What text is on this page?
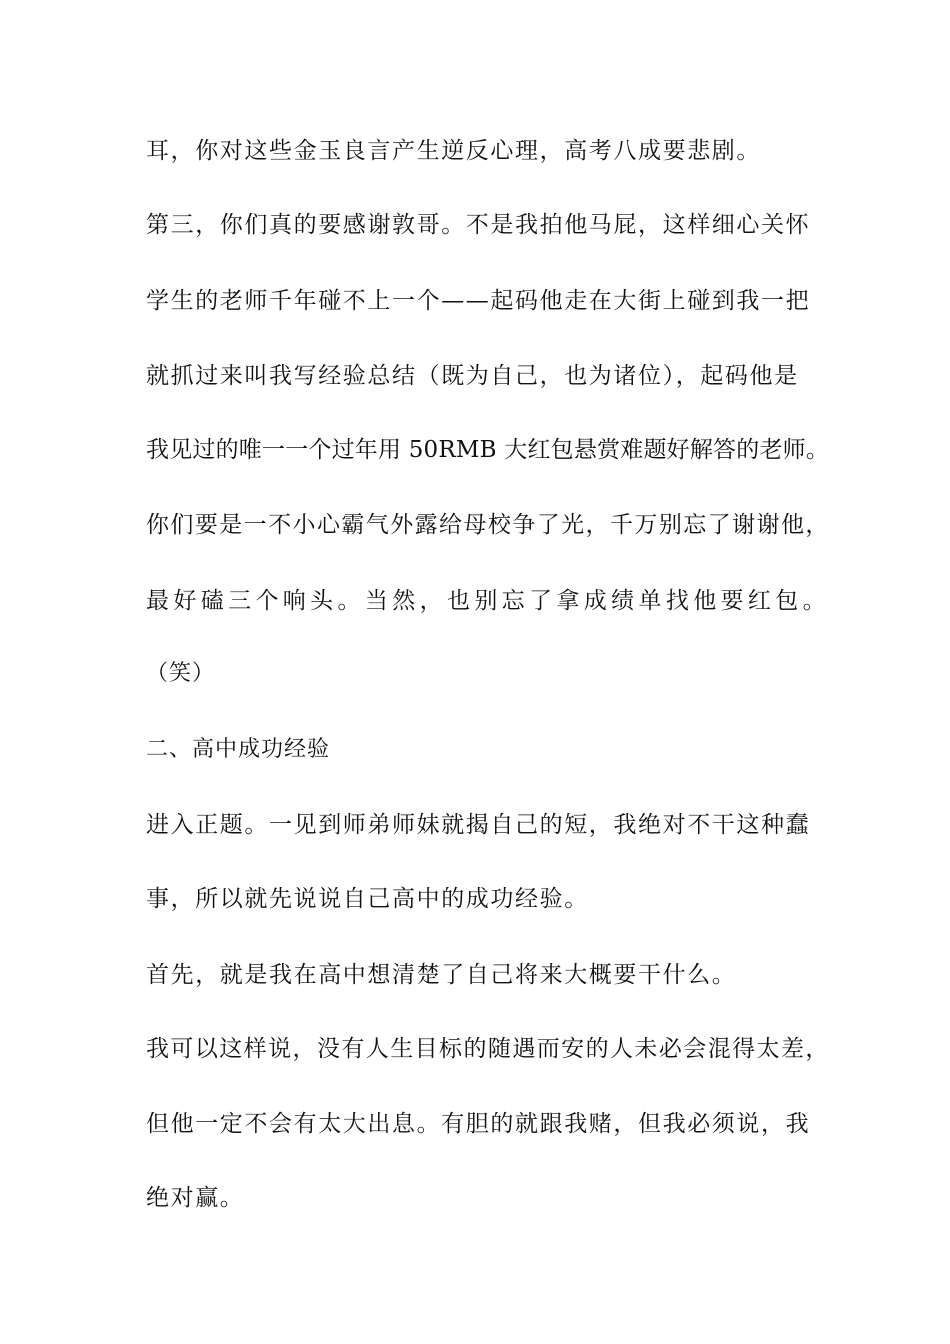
耳，你对这些金玉良言产生逆反心理，高考八成要悲剧。
第三，你们真的要感谢敦哥。不是我拍他马屁，这样细心关怀
学生的老师千年碰不上一个——起码他走在大街上碰到我一把
就抓过来叫我写经验总结（既为自己，也为诸位），起码他是
我见过的唯一一个过年用 50RMB 大红包悬赏难题好解答的老师。
你们要是一不小心霸气外露给母校争了光，千万别忘了谢谢他，
最好磕三个响头。当然，也别忘了拿成绩单找他要红包。
（笑）
二、高中成功经验
进入正题。一见到师弟师妹就揭自己的短，我绝对不干这种蠢
事，所以就先说说自己高中的成功经验。
首先，就是我在高中想清楚了自己将来大概要干什么。
我可以这样说，没有人生目标的随遇而安的人未必会混得太差，
但他一定不会有太大出息。有胆的就跟我赌，但我必须说，我
绝对赢。
